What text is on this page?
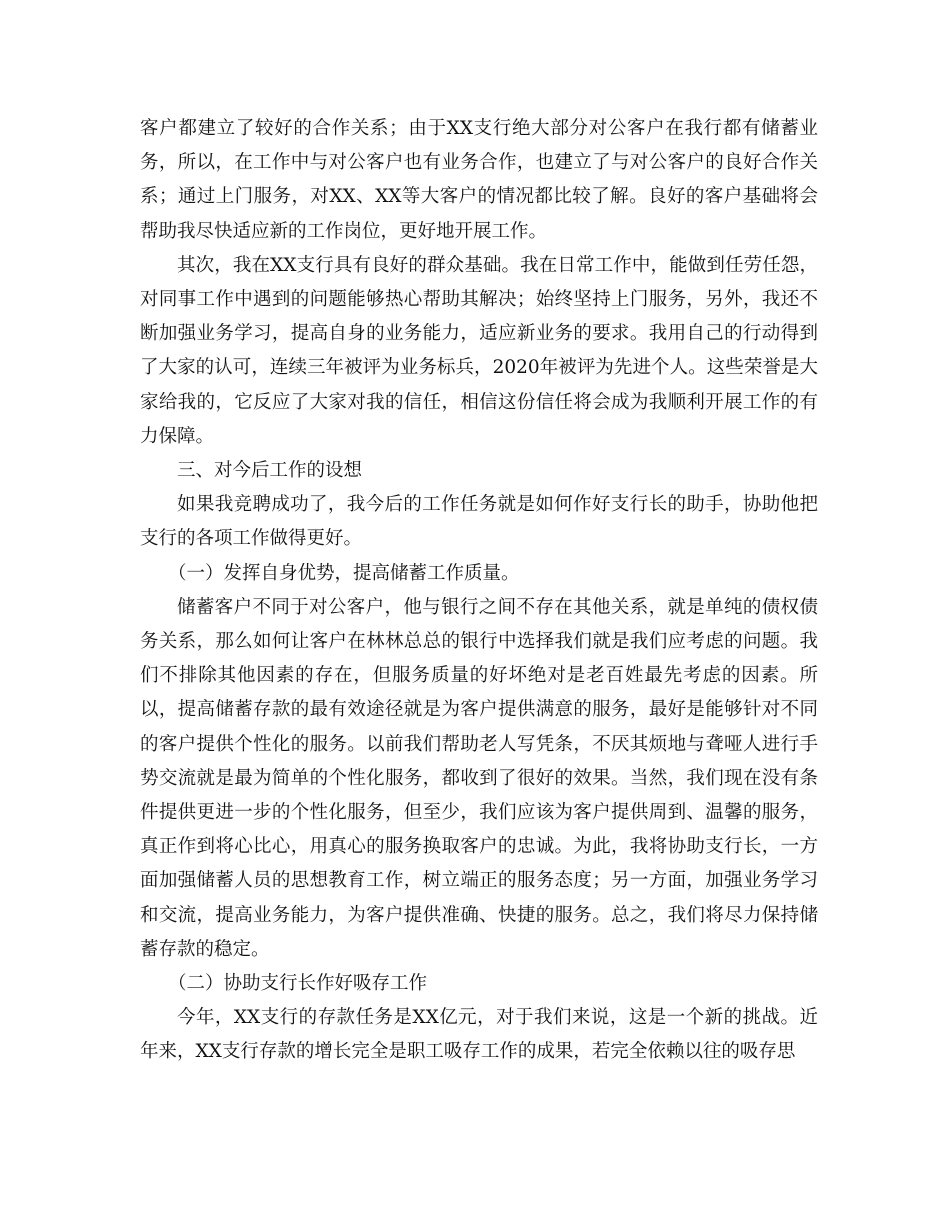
客户都建立了较好的合作关系；由于XX支行绝大部分对公客户在我行都有储蓄业务，所以，在工作中与对公客户也有业务合作，也建立了与对公客户的良好合作关系；通过上门服务，对XX、XX等大客户的情况都比较了解。良好的客户基础将会帮助我尽快适应新的工作岗位，更好地开展工作。

其次，我在XX支行具有良好的群众基础。我在日常工作中，能做到任劳任怨，对同事工作中遇到的问题能够热心帮助其解决；始终坚持上门服务，另外，我还不断加强业务学习，提高自身的业务能力，适应新业务的要求。我用自己的行动得到了大家的认可，连续三年被评为业务标兵，2020年被评为先进个人。这些荣誉是大家给我的，它反应了大家对我的信任，相信这份信任将会成为我顺利开展工作的有力保障。

三、对今后工作的设想

如果我竞聘成功了，我今后的工作任务就是如何作好支行长的助手，协助他把支行的各项工作做得更好。

（一）发挥自身优势，提高储蓄工作质量。

储蓄客户不同于对公客户，他与银行之间不存在其他关系，就是单纯的债权债务关系，那么如何让客户在林林总总的银行中选择我们就是我们应考虑的问题。我们不排除其他因素的存在，但服务质量的好坏绝对是老百姓最先考虑的因素。所以，提高储蓄存款的最有效途径就是为客户提供满意的服务，最好是能够针对不同的客户提供个性化的服务。以前我们帮助老人写凭条，不厌其烦地与聋哑人进行手势交流就是最为简单的个性化服务，都收到了很好的效果。当然，我们现在没有条件提供更进一步的个性化服务，但至少，我们应该为客户提供周到、温馨的服务，真正作到将心比心，用真心的服务换取客户的忠诚。为此，我将协助支行长，一方面加强储蓄人员的思想教育工作，树立端正的服务态度；另一方面，加强业务学习和交流，提高业务能力，为客户提供准确、快捷的服务。总之，我们将尽力保持储蓄存款的稳定。

（二）协助支行长作好吸存工作

今年，XX支行的存款任务是XX亿元，对于我们来说，这是一个新的挑战。近年来，XX支行存款的增长完全是职工吸存工作的成果，若完全依赖以往的吸存思
